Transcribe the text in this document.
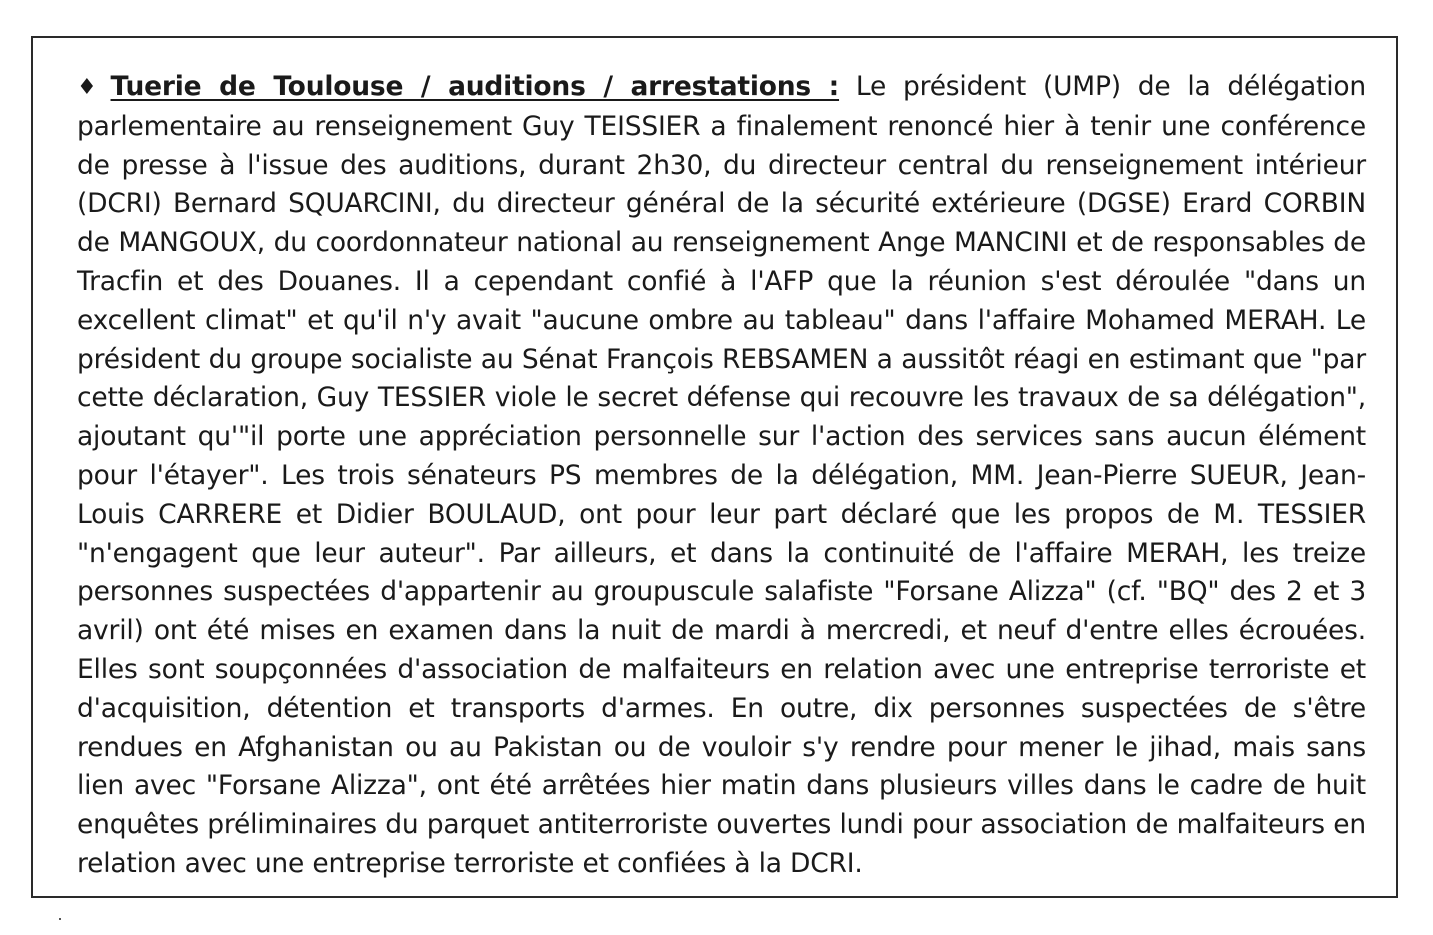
♦ Tuerie de Toulouse / auditions / arrestations : Le président (UMP) de la délégation parlementaire au renseignement Guy TEISSIER a finalement renoncé hier à tenir une conférence de presse à l'issue des auditions, durant 2h30, du directeur central du renseignement intérieur (DCRI) Bernard SQUARCINI, du directeur général de la sécurité extérieure (DGSE) Erard CORBIN de MANGOUX, du coordonnateur national au renseignement Ange MANCINI et de responsables de Tracfin et des Douanes. Il a cependant confié à l'AFP que la réunion s'est déroulée "dans un excellent climat" et qu'il n'y avait "aucune ombre au tableau" dans l'affaire Mohamed MERAH. Le président du groupe socialiste au Sénat François REBSAMEN a aussitôt réagi en estimant que "par cette déclaration, Guy TESSIER viole le secret défense qui recouvre les travaux de sa délégation", ajoutant qu'"il porte une appréciation personnelle sur l'action des services sans aucun élément pour l'étayer". Les trois sénateurs PS membres de la délégation, MM. Jean-Pierre SUEUR, Jean-Louis CARRERE et Didier BOULAUD, ont pour leur part déclaré que les propos de M. TESSIER "n'engagent que leur auteur". Par ailleurs, et dans la continuité de l'affaire MERAH, les treize personnes suspectées d'appartenir au groupuscule salafiste "Forsane Alizza" (cf. "BQ" des 2 et 3 avril) ont été mises en examen dans la nuit de mardi à mercredi, et neuf d'entre elles écrouées. Elles sont soupçonnées d'association de malfaiteurs en relation avec une entreprise terroriste et d'acquisition, détention et transports d'armes. En outre, dix personnes suspectées de s'être rendues en Afghanistan ou au Pakistan ou de vouloir s'y rendre pour mener le jihad, mais sans lien avec "Forsane Alizza", ont été arrêtées hier matin dans plusieurs villes dans le cadre de huit enquêtes préliminaires du parquet antiterroriste ouvertes lundi pour association de malfaiteurs en relation avec une entreprise terroriste et confiées à la DCRI.
